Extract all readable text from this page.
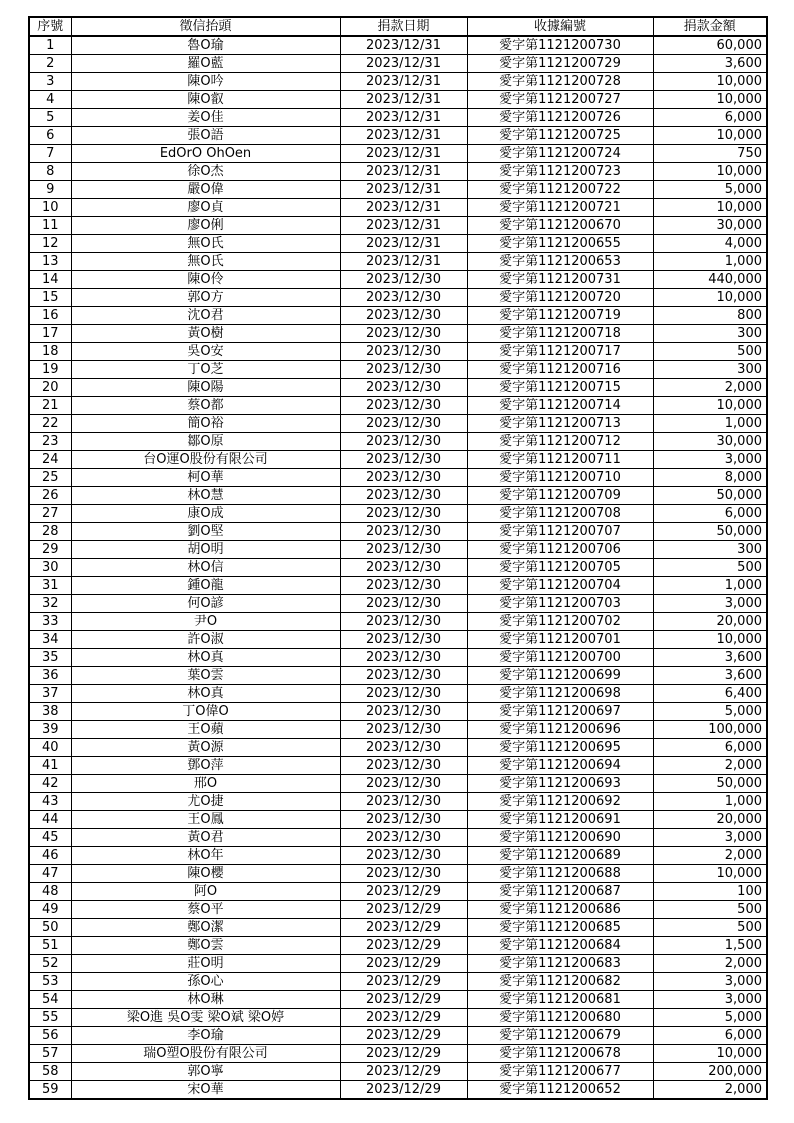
序號	徵信抬頭	捐款日期	收據編號	捐款金額
1	魯O瑜	2023/12/31	愛字第1121200730	60,000
2	羅O藍	2023/12/31	愛字第1121200729	3,600
3	陳O吟	2023/12/31	愛字第1121200728	10,000
4	陳O叡	2023/12/31	愛字第1121200727	10,000
5	姜O佳	2023/12/31	愛字第1121200726	6,000
6	張O語	2023/12/31	愛字第1121200725	10,000
7	EdOrO OhOen	2023/12/31	愛字第1121200724	750
8	徐O杰	2023/12/31	愛字第1121200723	10,000
9	嚴O偉	2023/12/31	愛字第1121200722	5,000
10	廖O貞	2023/12/31	愛字第1121200721	10,000
11	廖O俐	2023/12/31	愛字第1121200670	30,000
12	無O氏	2023/12/31	愛字第1121200655	4,000
13	無O氏	2023/12/31	愛字第1121200653	1,000
14	陳O伶	2023/12/30	愛字第1121200731	440,000
15	郭O方	2023/12/30	愛字第1121200720	10,000
16	沈O君	2023/12/30	愛字第1121200719	800
17	黃O樹	2023/12/30	愛字第1121200718	300
18	吳O安	2023/12/30	愛字第1121200717	500
19	丁O芝	2023/12/30	愛字第1121200716	300
20	陳O陽	2023/12/30	愛字第1121200715	2,000
21	蔡O都	2023/12/30	愛字第1121200714	10,000
22	簡O裕	2023/12/30	愛字第1121200713	1,000
23	鄒O原	2023/12/30	愛字第1121200712	30,000
24	台O運O股份有限公司	2023/12/30	愛字第1121200711	3,000
25	柯O華	2023/12/30	愛字第1121200710	8,000
26	林O慧	2023/12/30	愛字第1121200709	50,000
27	康O成	2023/12/30	愛字第1121200708	6,000
28	劉O堅	2023/12/30	愛字第1121200707	50,000
29	胡O明	2023/12/30	愛字第1121200706	300
30	林O信	2023/12/30	愛字第1121200705	500
31	鍾O龍	2023/12/30	愛字第1121200704	1,000
32	何O諺	2023/12/30	愛字第1121200703	3,000
33	尹O	2023/12/30	愛字第1121200702	20,000
34	許O淑	2023/12/30	愛字第1121200701	10,000
35	林O真	2023/12/30	愛字第1121200700	3,600
36	葉O雲	2023/12/30	愛字第1121200699	3,600
37	林O真	2023/12/30	愛字第1121200698	6,400
38	丁O偉O	2023/12/30	愛字第1121200697	5,000
39	王O蘋	2023/12/30	愛字第1121200696	100,000
40	黃O源	2023/12/30	愛字第1121200695	6,000
41	鄧O萍	2023/12/30	愛字第1121200694	2,000
42	邢O	2023/12/30	愛字第1121200693	50,000
43	尤O捷	2023/12/30	愛字第1121200692	1,000
44	王O鳳	2023/12/30	愛字第1121200691	20,000
45	黃O君	2023/12/30	愛字第1121200690	3,000
46	林O年	2023/12/30	愛字第1121200689	2,000
47	陳O櫻	2023/12/30	愛字第1121200688	10,000
48	阿O	2023/12/29	愛字第1121200687	100
49	蔡O平	2023/12/29	愛字第1121200686	500
50	鄭O潔	2023/12/29	愛字第1121200685	500
51	鄭O雲	2023/12/29	愛字第1121200684	1,500
52	莊O明	2023/12/29	愛字第1121200683	2,000
53	孫O心	2023/12/29	愛字第1121200682	3,000
54	林O琳	2023/12/29	愛字第1121200681	3,000
55	梁O進 吳O雯 梁O斌 梁O婷	2023/12/29	愛字第1121200680	5,000
56	李O瑜	2023/12/29	愛字第1121200679	6,000
57	瑞O塑O股份有限公司	2023/12/29	愛字第1121200678	10,000
58	郭O寧	2023/12/29	愛字第1121200677	200,000
59	宋O華	2023/12/29	愛字第1121200652	2,000
